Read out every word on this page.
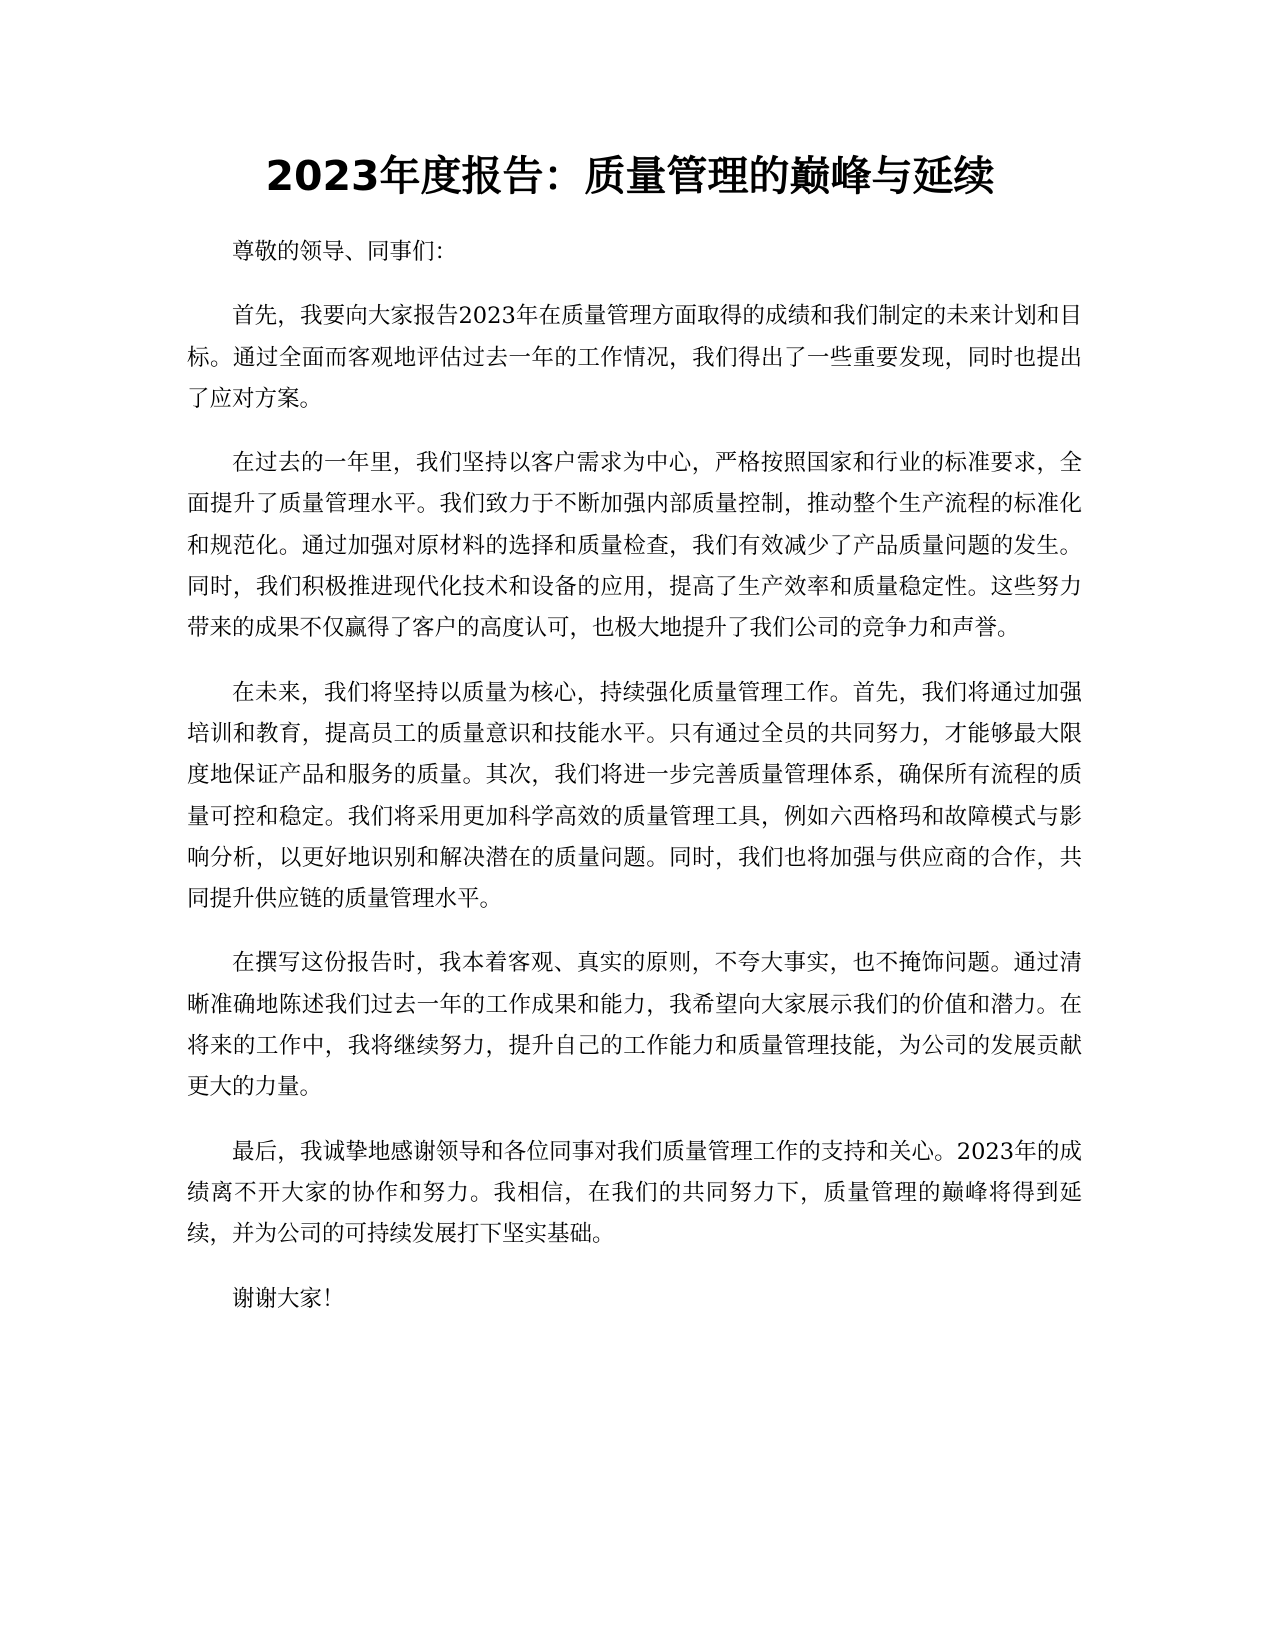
2023年度报告：质量管理的巅峰与延续

尊敬的领导、同事们：

首先，我要向大家报告2023年在质量管理方面取得的成绩和我们制定的未来计划和目标。通过全面而客观地评估过去一年的工作情况，我们得出了一些重要发现，同时也提出了应对方案。

在过去的一年里，我们坚持以客户需求为中心，严格按照国家和行业的标准要求，全面提升了质量管理水平。我们致力于不断加强内部质量控制，推动整个生产流程的标准化和规范化。通过加强对原材料的选择和质量检查，我们有效减少了产品质量问题的发生。同时，我们积极推进现代化技术和设备的应用，提高了生产效率和质量稳定性。这些努力带来的成果不仅赢得了客户的高度认可，也极大地提升了我们公司的竞争力和声誉。

在未来，我们将坚持以质量为核心，持续强化质量管理工作。首先，我们将通过加强培训和教育，提高员工的质量意识和技能水平。只有通过全员的共同努力，才能够最大限度地保证产品和服务的质量。其次，我们将进一步完善质量管理体系，确保所有流程的质量可控和稳定。我们将采用更加科学高效的质量管理工具，例如六西格玛和故障模式与影响分析，以更好地识别和解决潜在的质量问题。同时，我们也将加强与供应商的合作，共同提升供应链的质量管理水平。

在撰写这份报告时，我本着客观、真实的原则，不夸大事实，也不掩饰问题。通过清晰准确地陈述我们过去一年的工作成果和能力，我希望向大家展示我们的价值和潜力。在将来的工作中，我将继续努力，提升自己的工作能力和质量管理技能，为公司的发展贡献更大的力量。

最后，我诚挚地感谢领导和各位同事对我们质量管理工作的支持和关心。2023年的成绩离不开大家的协作和努力。我相信，在我们的共同努力下，质量管理的巅峰将得到延续，并为公司的可持续发展打下坚实基础。

谢谢大家！
